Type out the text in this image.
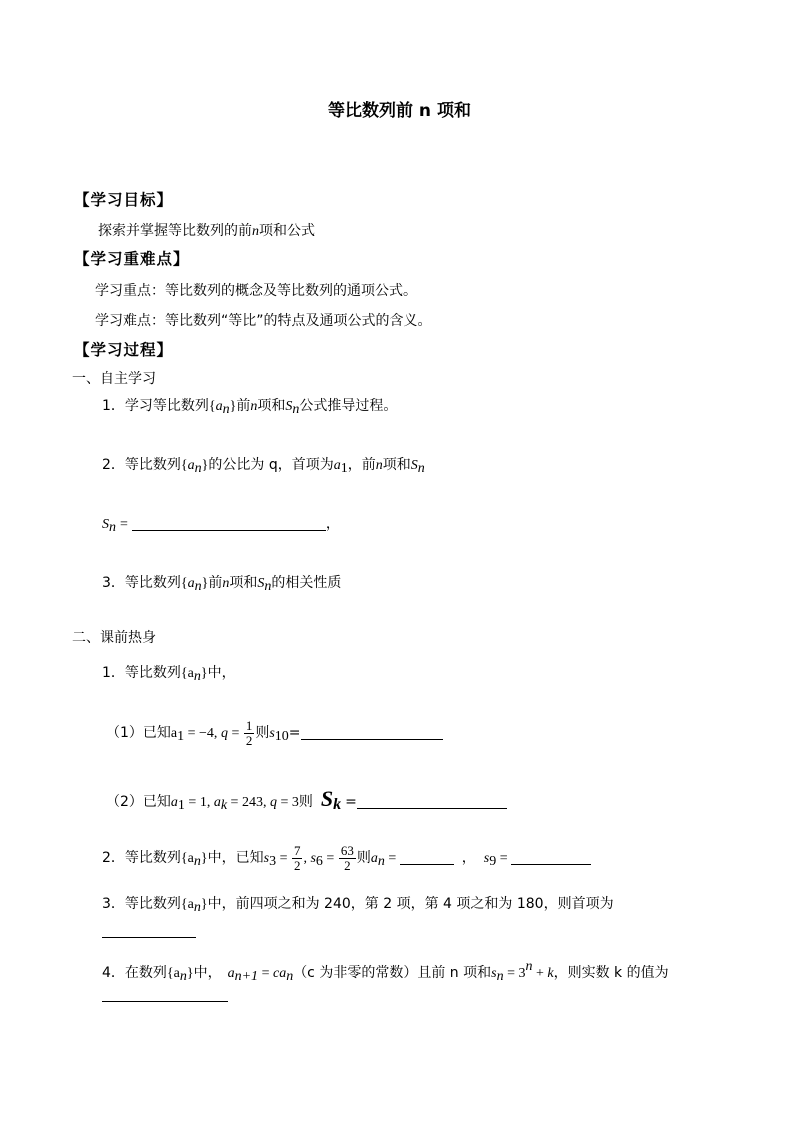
等比数列前 n 项和
【学习目标】
探索并掌握等比数列的前n项和公式
【学习重难点】
学习重点：等比数列的概念及等比数列的通项公式。
学习难点：等比数列“等比”的特点及通项公式的含义。
【学习过程】
一、自主学习
1．学习等比数列$\{a_n\}$前n项和$S_n$公式推导过程。
2．等比数列$\{a_n\}$的公比为 q，首项为$a_1$，前n项和$S_n$
$S_n$ =	，
3．等比数列$\{a_n\}$前n项和$S_n$的相关性质
二、课前热身
1．等比数列$\{a_n\}$中，
（1）已知$a_1 = -4$, $q = \frac{1}{2}$ 则$s_{10}=$
（2）已知$a_1 = 1$, $a_k = 243$, q = 3则 $S_k$ =
2．等比数列$\{a_n\}$中，已知$s_3 = \frac{7}{2}$ , $s_6 = \frac{63}{2}$ 则$a_n$ =	， $s_9$ =
3．等比数列$\{a_n\}$中，前四项之和为 240，第 2 项，第 4 项之和为 180，则首项为
4．在数列$\{a_n\}$中， $a_{n+1} = ca_n(c$ 为非零的常数）且前 n 项和$s_n = 3^n + k$，则实数 k 的值为
